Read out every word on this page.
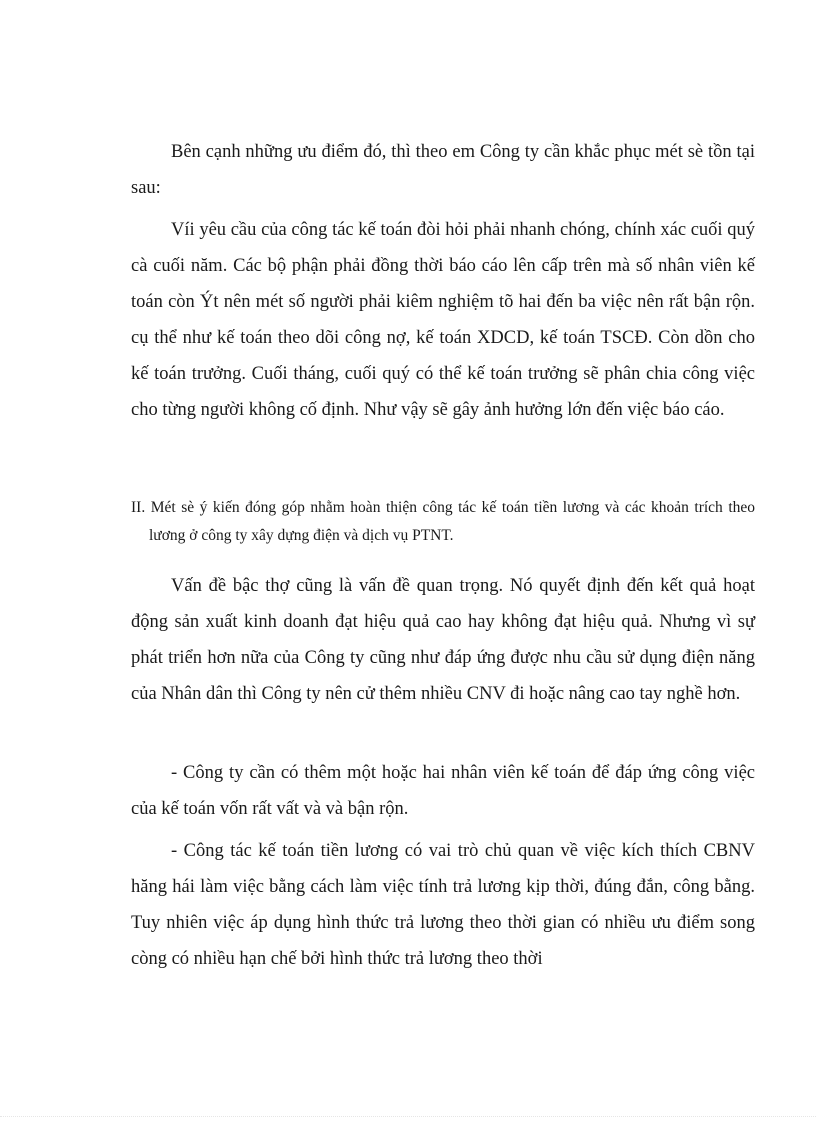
Bên cạnh những ưu điểm đó, thì theo em Công ty cần khắc phục mét sè tồn tại sau:

Víi yêu cầu của công tác kế toán đòi hỏi phải nhanh chóng, chính xác cuối quý cà cuối năm. Các bộ phận phải đồng thời báo cáo lên cấp trên mà số nhân viên kế toán còn Ýt nên mét số người phải kiêm nghiệm tõ hai đến ba việc nên rất bận rộn. cụ thể như kế toán theo dõi công nợ, kế toán XDCD, kế toán TSCĐ. Còn dồn cho kế toán trưởng. Cuối tháng, cuối quý có thể kế toán trưởng sẽ phân chia công việc cho từng người không cố định. Như vậy sẽ gây ảnh hưởng lớn đến việc báo cáo.

II. Mét sè ý kiến đóng góp nhằm hoàn thiện công tác kế toán tiền lương và các khoản trích theo lương ở công ty xây dựng điện và dịch vụ PTNT.

Vấn đề bậc thợ cũng là vấn đề quan trọng. Nó quyết định đến kết quả hoạt động sản xuất kinh doanh đạt hiệu quả cao hay không đạt hiệu quả. Nhưng vì sự phát triển hơn nữa của Công ty cũng như đáp ứng được nhu cầu sử dụng điện năng của Nhân dân thì Công ty nên cử thêm nhiều CNV đi hoặc nâng cao tay nghề hơn.

- Công ty cần có thêm một hoặc hai nhân viên kế toán để đáp ứng công việc của kế toán vốn rất vất và và bận rộn.

- Công tác kế toán tiền lương có vai trò chủ quan về việc kích thích CBNV hăng hái làm việc bằng cách làm việc tính trả lương kịp thời, đúng đắn, công bằng. Tuy nhiên việc áp dụng hình thức trả lương theo thời gian có nhiều ưu điểm song còng có nhiều hạn chế bởi hình thức trả lương theo thời
